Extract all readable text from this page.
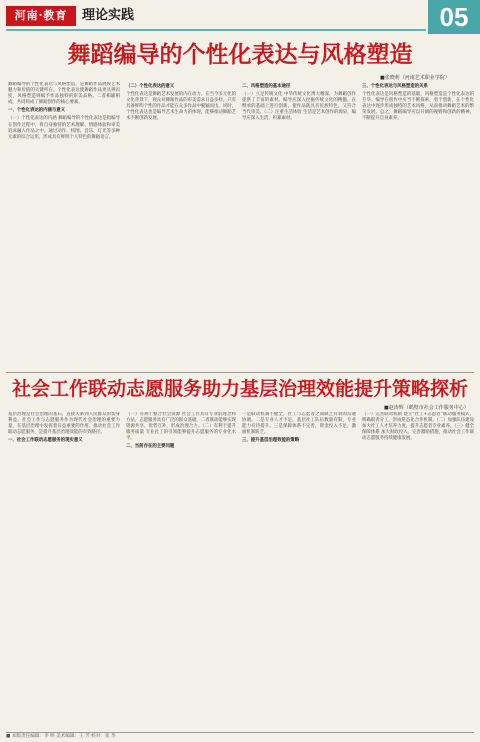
河南·教育	理论实践	05
舞蹈编导的个性化表达与风格塑造
■张晓莉（河南艺术职业学院）
舞蹈编导的个性化表达与风格塑造，是舞蹈作品展现艺术魅力和价值的关键所在。个性化表达使舞蹈作品更具辨识度，风格塑造则赋予作品独特的审美品格。二者相辅相成，共同构成了舞蹈创作的核心要素。
一、个性化表达的内涵与意义
（一）个性化表达的内涵 舞蹈编导的个性化表达是指编导在创作过程中，将自身独特的艺术理解、情感体验和审美追求融入作品之中，通过动作、构图、音乐、灯光等多种元素的综合运用，形成具有鲜明个人特色的舞蹈语言。
（二）个性化表达的意义
个性化表达是舞蹈艺术发展的内在动力。在当今多元化的文化背景下，观众对舞蹈作品的审美需求日益多样，只有具备鲜明个性的作品才能在众多作品中脱颖而出。同时，个性化表达也是编导艺术生命力的体现，能够推动舞蹈艺术不断创新发展。
二、风格塑造的基本途径
（一）立足传统文化 中华传统文化博大精深，为舞蹈创作提供了丰富的素材。编导应深入挖掘传统文化的精髓，在继承的基础上进行创新，使作品既具有民族特色，又符合当代审美。（二）注重生活体验 生活是艺术创作的源泉，编导应深入生活，积累素材。
三、个性化表达与风格塑造的关系
个性化表达是风格塑造的基础，风格塑造是个性化表达的升华。编导在创作中应当不断探索，勇于创新，在个性化表达中逐步形成独特的艺术风格，从而推动舞蹈艺术的繁荣发展。总之，舞蹈编导应以开阔的视野和创新的精神，不断提升自身素养。
社会工作联动志愿服务助力基层治理效能提升策略探析
■赵涛辉（鹤壁市社会工作服务中心）
基层治理是社会治理的基石，直接关系到人民群众的切身利益。社会工作与志愿服务作为现代社会治理的重要力量，在基层治理中发挥着日益重要的作用。推动社会工作联动志愿服务，是提升基层治理效能的有效路径。
一、社会工作联动志愿服务的现实意义
（一）有利于整合社会资源 社会工作具有专业的理念和方法，志愿服务具有广泛的群众基础，二者联动能够实现资源共享、优势互补，形成治理合力。（二）有利于提升服务质量 专业社工的引领能够提升志愿服务的专业化水平。
二、当前存在的主要问题
一是联动机制不健全，社工与志愿者之间缺乏有效的沟通协调。二是专业人才不足，基层社工队伍数量有限，专业能力有待提升。三是保障体系不完善，资金投入不足，激励机制缺乏。
三、提升基层治理效能的策略
（一）完善联动机制 建立“社工+志愿者”联动服务模式，明确职责分工，形成常态化合作机制。（二）加强队伍建设 加大社工人才培养力度，提升志愿者专业素养。（三）健全保障体系 加大财政投入，完善激励措施，推动社会工作联动志愿服务持续健康发展。
■ 本版责任编辑：李 明 美术编辑：王 芳 校对：张 华
